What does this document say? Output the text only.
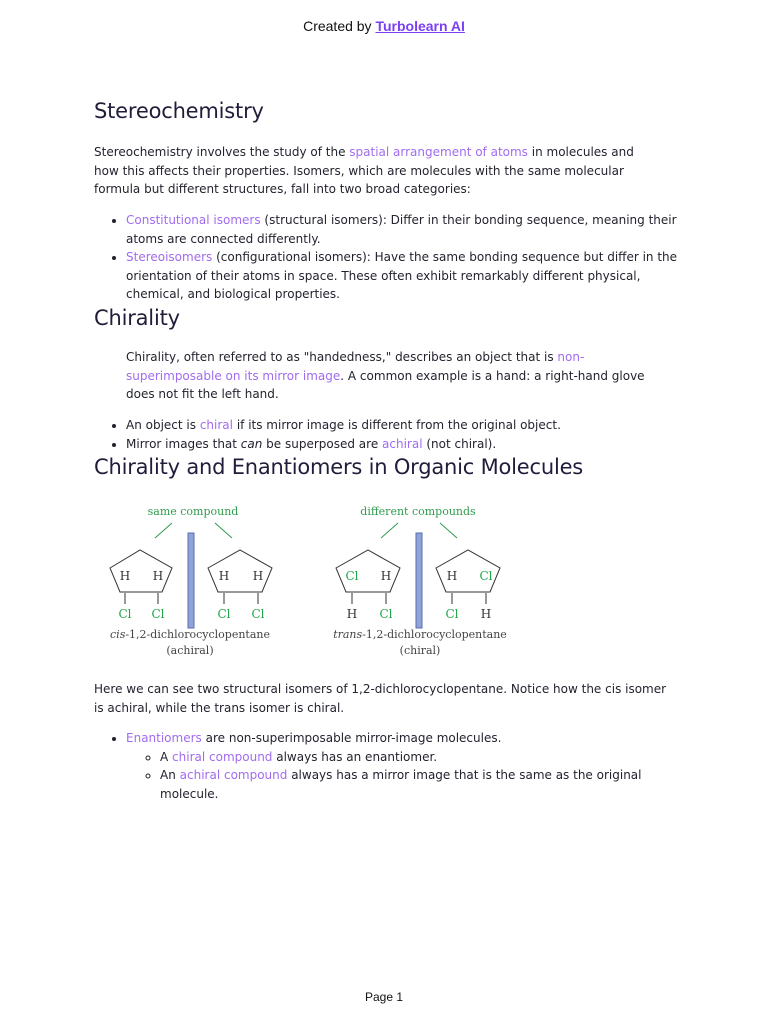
Created by Turbolearn AI
Stereochemistry

Stereochemistry involves the study of the spatial arrangement of atoms in molecules and how this affects their properties. Isomers, which are molecules with the same molecular formula but different structures, fall into two broad categories:

• Constitutional isomers (structural isomers): Differ in their bonding sequence, meaning their atoms are connected differently.
• Stereoisomers (configurational isomers): Have the same bonding sequence but differ in the orientation of their atoms in space. These often exhibit remarkably different physical, chemical, and biological properties.
Chirality

Chirality, often referred to as "handedness," describes an object that is non-superimposable on its mirror image. A common example is a hand: a right-hand glove does not fit the left hand.

• An object is chiral if its mirror image is different from the original object.
• Mirror images that can be superposed are achiral (not chiral).
Chirality and Enantiomers in Organic Molecules
same compound	different compounds
H H
Cl Cl
H H
Cl Cl
cis-1,2-dichlorocyclopentane
(achiral)
Cl H
H Cl
H Cl
Cl H
trans-1,2-dichlorocyclopentane
(chiral)

Here we can see two structural isomers of 1,2-dichlorocyclopentane. Notice how the cis isomer is achiral, while the trans isomer is chiral.

• Enantiomers are non-superimposable mirror-image molecules.
◦ A chiral compound always has an enantiomer.
◦ An achiral compound always has a mirror image that is the same as the original molecule.
Page 1
